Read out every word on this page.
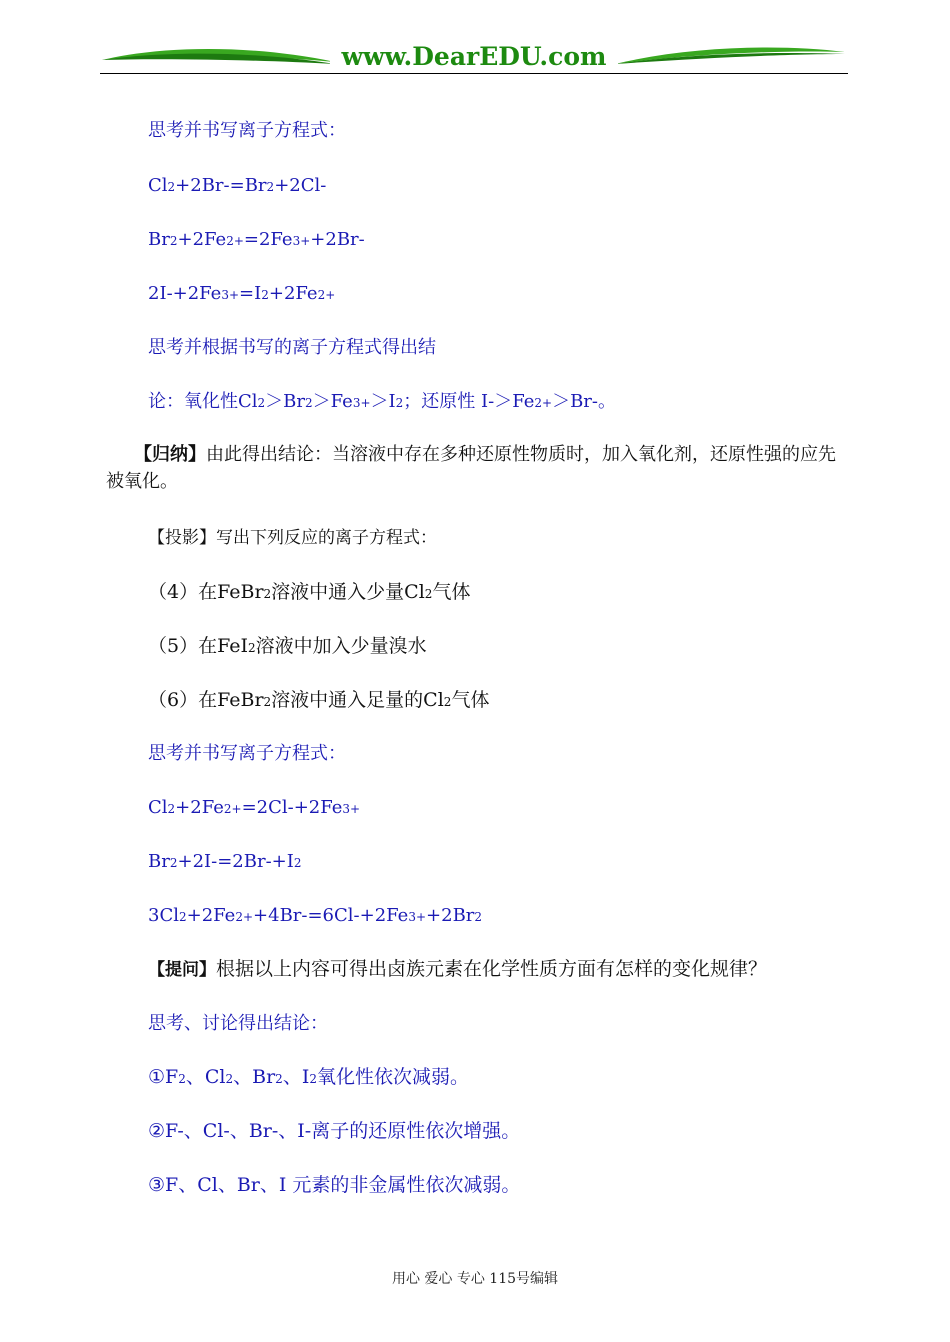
www.DearEDU.com
思考并书写离子方程式：
Cl2+2Br-=Br2+2Cl-
Br2+2Fe2+=2Fe3++2Br-
2I-+2Fe3+=I2+2Fe2+
思考并根据书写的离子方程式得出结
论：氧化性Cl2＞Br2＞Fe3+＞I2；还原性 I-＞Fe2+＞Br-。
【归纳】由此得出结论：当溶液中存在多种还原性物质时，加入氧化剂，还原性强的应先被氧化。
【投影】写出下列反应的离子方程式：
（4）在FeBr2溶液中通入少量Cl2气体
（5）在FeI2溶液中加入少量溴水
（6）在FeBr2溶液中通入足量的Cl2气体
思考并书写离子方程式：
Cl2+2Fe2+=2Cl-+2Fe3+
Br2+2I-=2Br-+I2
3Cl2+2Fe2++4Br-=6Cl-+2Fe3++2Br2
【提问】根据以上内容可得出卤族元素在化学性质方面有怎样的变化规律？
思考、讨论得出结论：
①F2、Cl2、Br2、I2氧化性依次减弱。
②F-、Cl-、Br-、I-离子的还原性依次增强。
③F、Cl、Br、I 元素的非金属性依次减弱。
用心 爱心 专心 115号编辑
